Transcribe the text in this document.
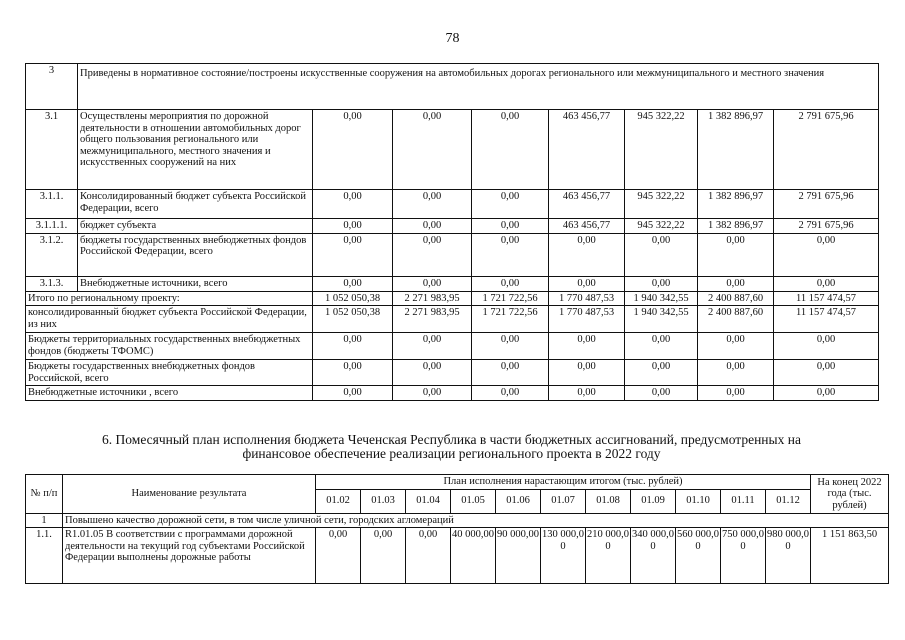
78
3	Приведены в нормативное состояние/построены искусственные сооружения на автомобильных дорогах регионального или межмуниципального и местного значения							
3.1	Осуществлены мероприятия по дорожной деятельности в отношении автомобильных дорог общего пользования регионального или межмуниципального, местного значения и искусственных сооружений на них	0,00	0,00	0,00	463 456,77	945 322,22	1 382 896,97	2 791 675,96
3.1.1.	Консолидированный бюджет субъекта Российской Федерации, всего	0,00	0,00	0,00	463 456,77	945 322,22	1 382 896,97	2 791 675,96
3.1.1.1.	бюджет субъекта	0,00	0,00	0,00	463 456,77	945 322,22	1 382 896,97	2 791 675,96
3.1.2.	бюджеты государственных внебюджетных фондов Российской Федерации, всего	0,00	0,00	0,00	0,00	0,00	0,00	0,00
3.1.3.	Внебюджетные источники, всего	0,00	0,00	0,00	0,00	0,00	0,00	0,00
Итого по региональному проекту:		1 052 050,38	2 271 983,95	1 721 722,56	1 770 487,53	1 940 342,55	2 400 887,60	11 157 474,57
консолидированный бюджет субъекта Российской Федерации, из них		1 052 050,38	2 271 983,95	1 721 722,56	1 770 487,53	1 940 342,55	2 400 887,60	11 157 474,57
Бюджеты территориальных государственных внебюджетных фондов (бюджеты ТФОМС)		0,00	0,00	0,00	0,00	0,00	0,00	0,00
Бюджеты государственных внебюджетных фондов Российской, всего		0,00	0,00	0,00	0,00	0,00	0,00	0,00
Внебюджетные источники , всего		0,00	0,00	0,00	0,00	0,00	0,00	0,00
6. Помесячный план исполнения бюджета Чеченская Республика в части бюджетных ассигнований, предусмотренных на
финансовое обеспечение реализации регионального проекта в 2022 году
№ п/п	Наименование результата	План исполнения нарастающим итогом (тыс. рублей)											На конец 2022 года (тыс. рублей)
		01.02	01.03	01.04	01.05	01.06	01.07	01.08	01.09	01.10	01.11	01.12	
1	Повышено качество дорожной сети, в том числе уличной сети, городских агломераций												
1.1.	R1.01.05 В соответствии с программами дорожной деятельности на текущий год субъектами Российской Федерации выполнены дорожные работы	0,00	0,00	0,00	40 000,00	90 000,00	130 000,00	210 000,00	340 000,00	560 000,00	750 000,00	980 000,00	1 151 863,50
